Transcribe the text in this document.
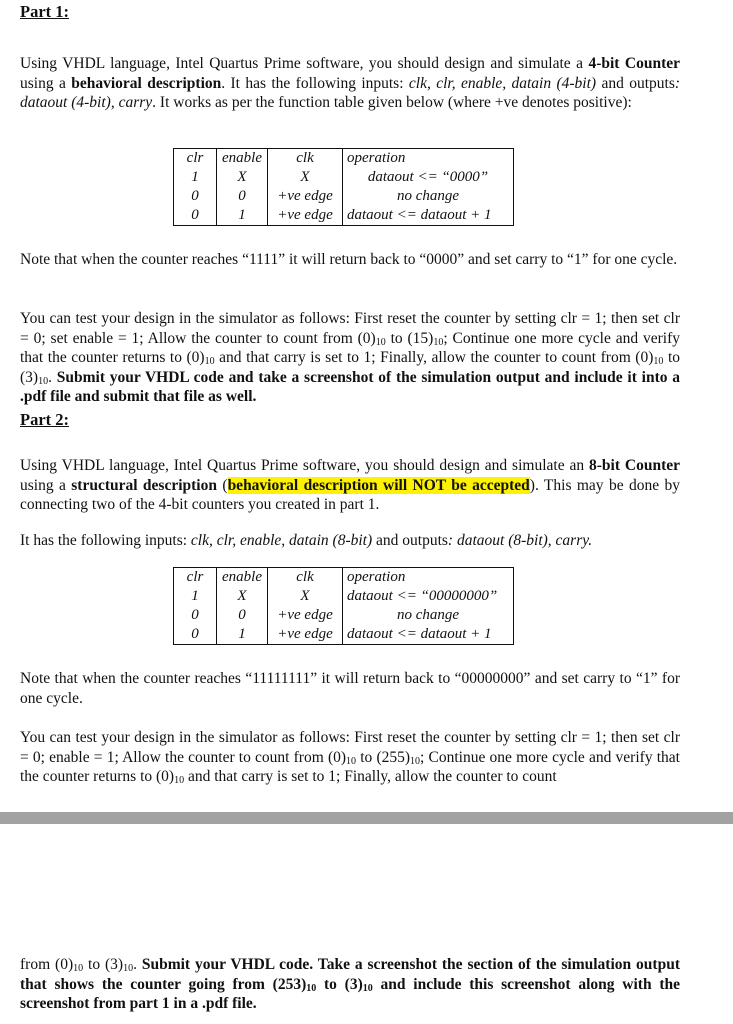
Part 1:

Using VHDL language, Intel Quartus Prime software, you should design and simulate a 4-bit Counter using a behavioral description. It has the following inputs: clk, clr, enable, datain (4-bit) and outputs: dataout (4-bit), carry. It works as per the function table given below (where +ve denotes positive):

clr	enable	clk	operation
1	X	X	dataout <= “0000”
0	0	+ve edge	no change
0	1	+ve edge	dataout <= dataout + 1

Note that when the counter reaches “1111” it will return back to “0000” and set carry to “1” for one cycle.

You can test your design in the simulator as follows: First reset the counter by setting clr = 1; then set clr = 0; set enable = 1; Allow the counter to count from $(0)_{10}$ to $(15)_{10}$; Continue one more cycle and verify that the counter returns to $(0)_{10}$ and that carry is set to 1; Finally, allow the counter to count from $(0)_{10}$ to $(3)_{10}$. Submit your VHDL code and take a screenshot of the simulation output and include it into a .pdf file and submit that file as well.

Part 2:

Using VHDL language, Intel Quartus Prime software, you should design and simulate an 8-bit Counter using a structural description (behavioral description will NOT be accepted). This may be done by connecting two of the 4-bit counters you created in part 1.

It has the following inputs: clk, clr, enable, datain (8-bit) and outputs: dataout (8-bit), carry.

clr	enable	clk	operation
1	X	X	dataout <= “00000000”
0	0	+ve edge	no change
0	1	+ve edge	dataout <= dataout + 1

Note that when the counter reaches “11111111” it will return back to “00000000” and set carry to “1” for one cycle.

You can test your design in the simulator as follows: First reset the counter by setting clr = 1; then set clr = 0; enable = 1; Allow the counter to count from $(0)_{10}$ to $(255)_{10}$; Continue one more cycle and verify that the counter returns to $(0)_{10}$ and that carry is set to 1; Finally, allow the counter to count

from $(0)_{10}$ to $(3)_{10}$. Submit your VHDL code. Take a screenshot the section of the simulation output that shows the counter going from $(253)_{10}$ to $(3)_{10}$ and include this screenshot along with the screenshot from part 1 in a .pdf file.
